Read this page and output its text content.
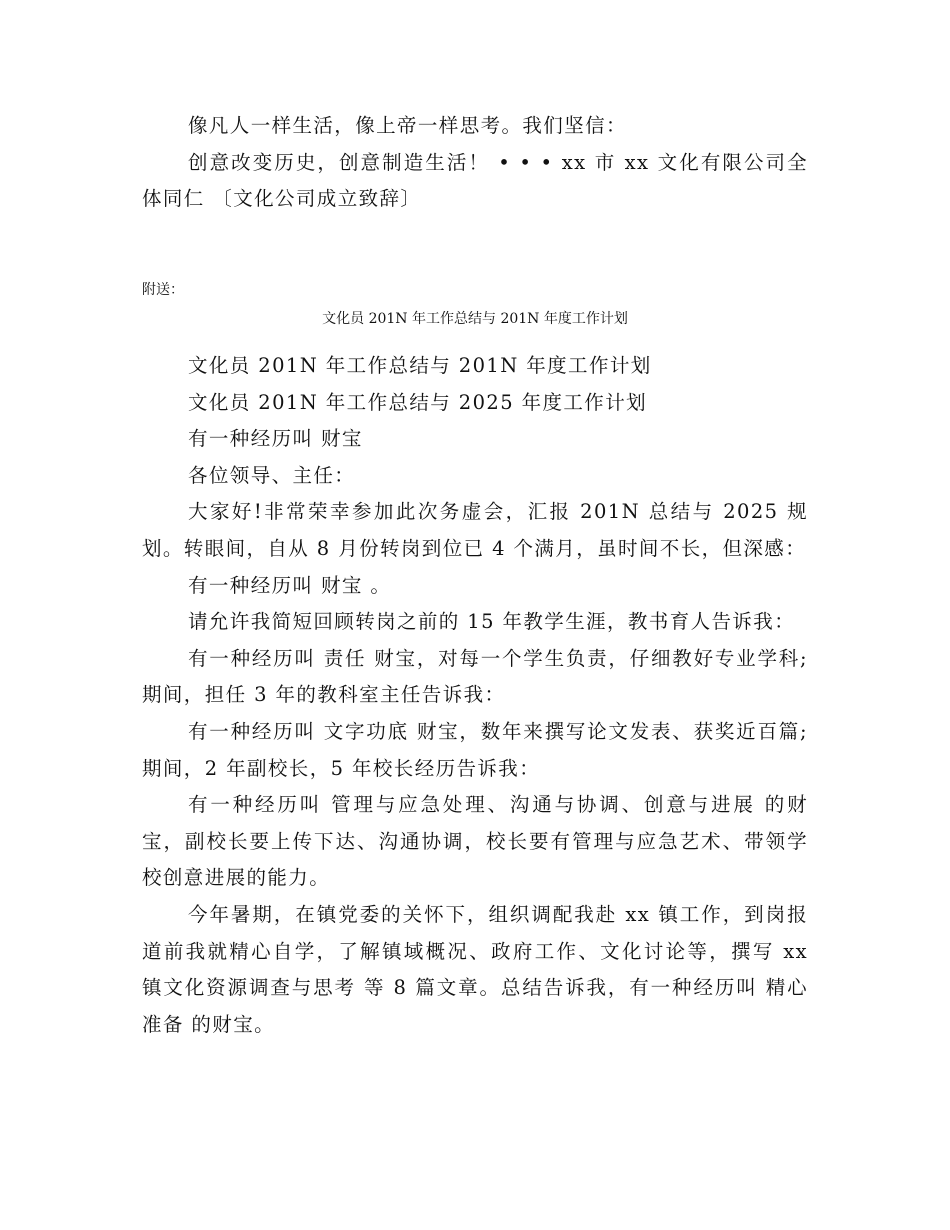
像凡人一样生活，像上帝一样思考。我们坚信：

创意改变历史，创意制造生活！ • • • xx 市 xx 文化有限公司全体同仁 〔文化公司成立致辞〕

附送：
文化员 201N 年工作总结与 201N 年度工作计划

文化员 201N 年工作总结与 201N 年度工作计划

文化员 201N 年工作总结与 2025 年度工作计划

有一种经历叫 财宝

各位领导、主任：

大家好!非常荣幸参加此次务虚会，汇报 201N 总结与 2025 规划。转眼间，自从 8 月份转岗到位已 4 个满月，虽时间不长，但深感：

有一种经历叫 财宝 。

请允许我简短回顾转岗之前的 15 年教学生涯，教书育人告诉我：

有一种经历叫 责任 财宝，对每一个学生负责，仔细教好专业学科;期间，担任 3 年的教科室主任告诉我：

有一种经历叫 文字功底 财宝，数年来撰写论文发表、获奖近百篇;期间，2 年副校长，5 年校长经历告诉我：

有一种经历叫 管理与应急处理、沟通与协调、创意与进展 的财宝，副校长要上传下达、沟通协调，校长要有管理与应急艺术、带领学校创意进展的能力。

今年暑期，在镇党委的关怀下，组织调配我赴 xx 镇工作，到岗报道前我就精心自学，了解镇域概况、政府工作、文化讨论等，撰写 xx 镇文化资源调查与思考 等 8 篇文章。总结告诉我，有一种经历叫 精心准备 的财宝。
